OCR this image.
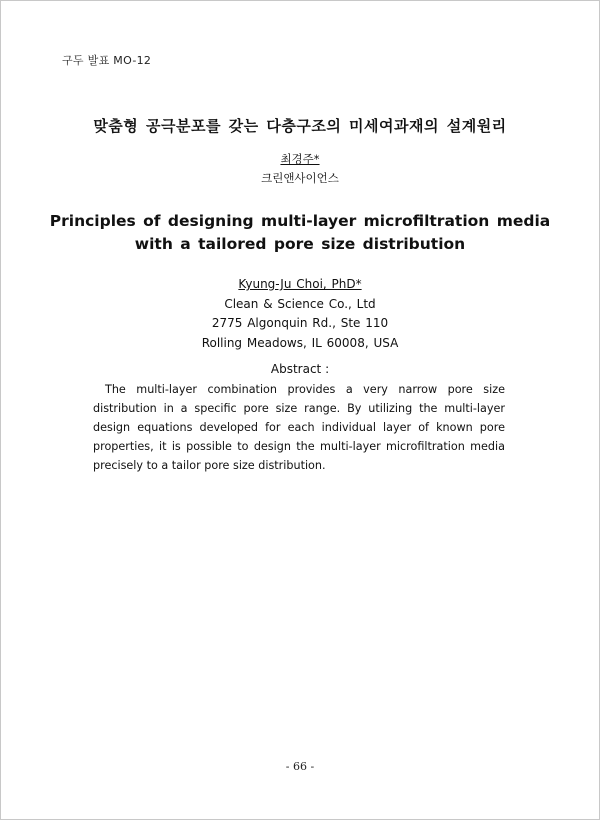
구두 발표 MO-12
맞춤형 공극분포를 갖는 다층구조의 미세여과재의 설계원리
최경주*
크린앤사이언스
Principles of designing multi-layer microfiltration media
with a tailored pore size distribution
Kyung-Ju Choi, PhD*
Clean & Science Co., Ltd
2775 Algonquin Rd., Ste 110
Rolling Meadows, IL 60008, USA
Abstract :
The multi-layer combination provides a very narrow pore size distribution in a specific pore size range. By utilizing the multi-layer design equations developed for each individual layer of known pore properties, it is possible to design the multi-layer microfiltration media precisely to a tailor pore size distribution.
- 66 -
